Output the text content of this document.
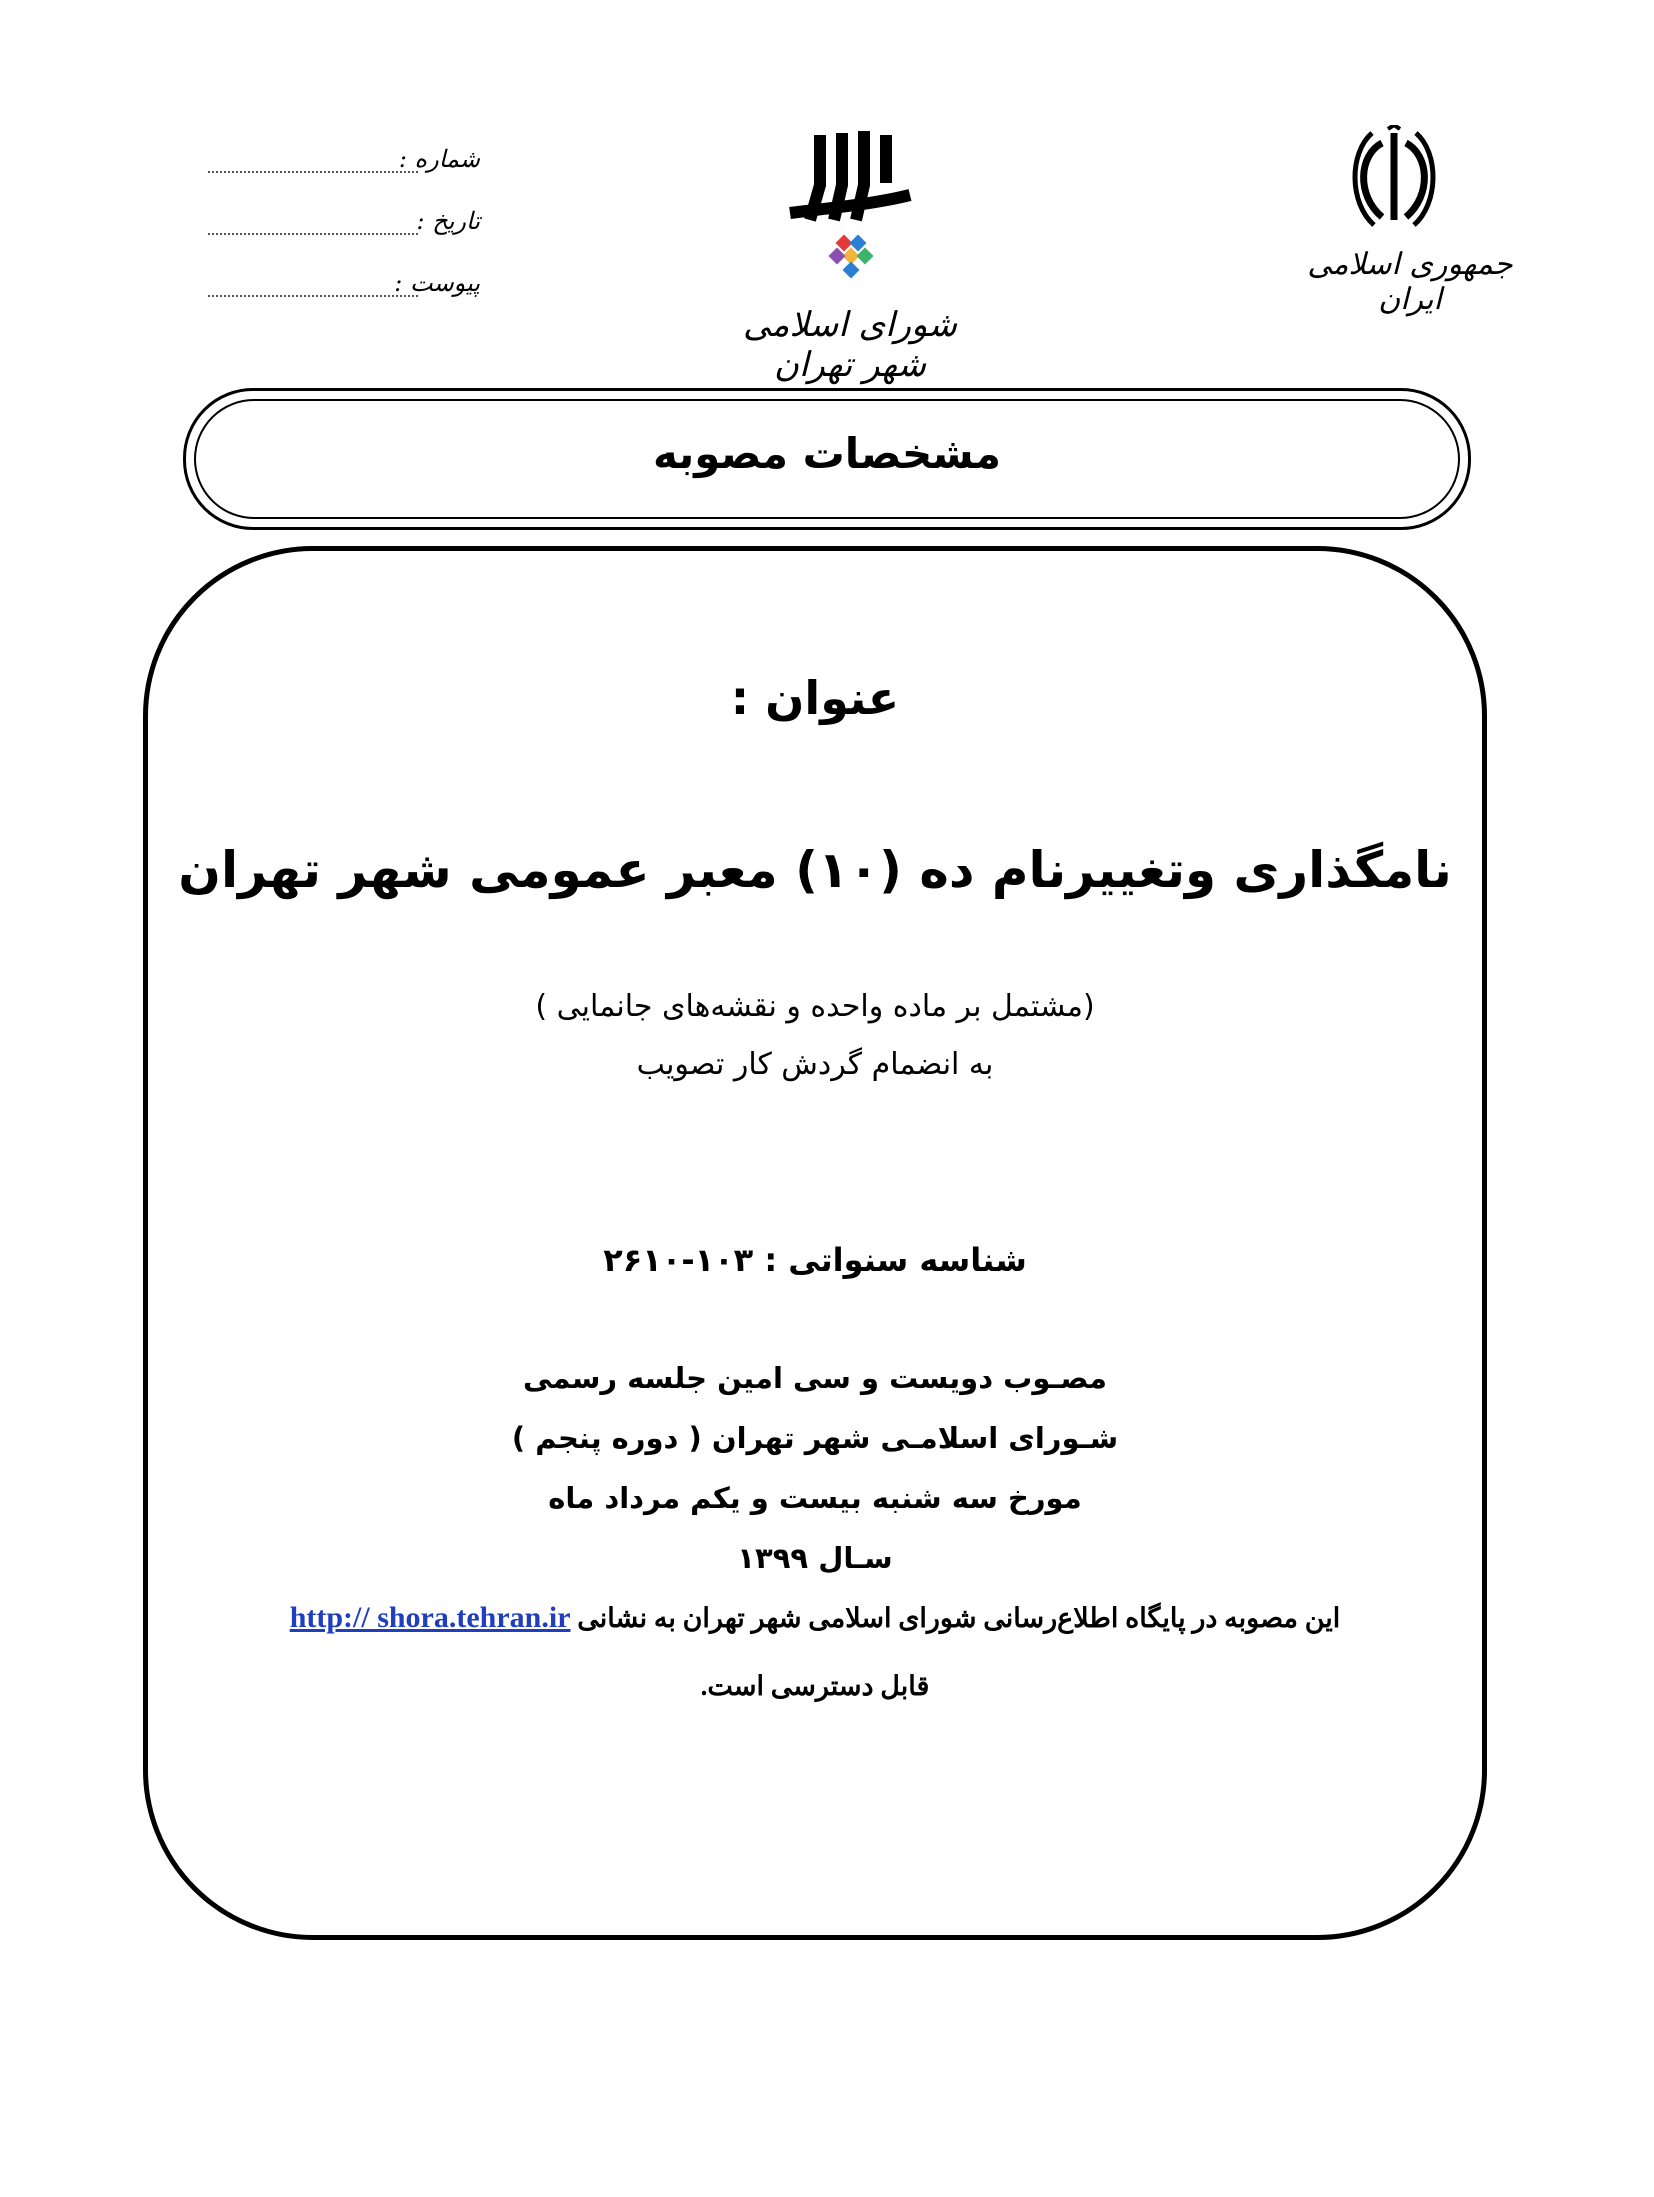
جمهوری اسلامی ایران
شورای اسلامی شهر تهران
شماره :
تاریخ :
پیوست :
مشخصات مصوبه
عنوان :
نامگذاری وتغییرنام ده (۱۰) معبر عمومی شهر تهران
(مشتمل بر ماده واحده و نقشه‌های جانمایی )
به انضمام گردش کار تصویب
شناسه سنواتی : ۱۰۳-۲۶۱۰
مصـوب دویست و سی امین جلسه رسمی
شـورای اسلامـی شهر تهران ( دوره پنجم )
مورخ سه شنبه بیست و یکم مرداد ماه
سـال ۱۳۹۹
این مصوبه در پایگاه اطلاع‌رسانی شورای اسلامی شهر تهران به نشانی http:// shora.tehran.ir
قابل دسترسی است.
